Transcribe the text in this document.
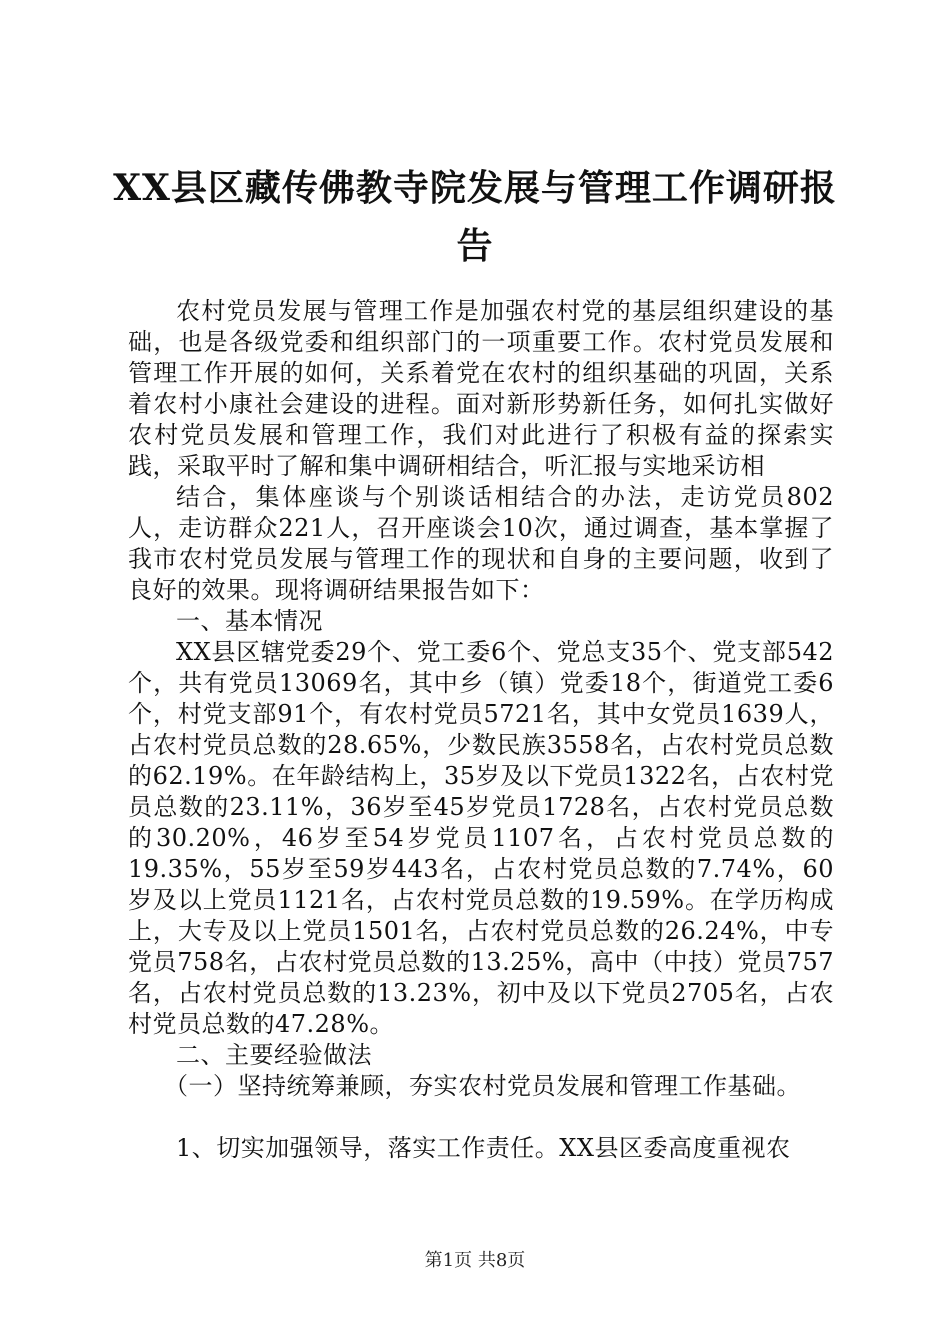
XX县区藏传佛教寺院发展与管理工作调研报
告

农村党员发展与管理工作是加强农村党的基层组织建设的基础，也是各级党委和组织部门的一项重要工作。农村党员发展和管理工作开展的如何，关系着党在农村的组织基础的巩固，关系着农村小康社会建设的进程。面对新形势新任务，如何扎实做好农村党员发展和管理工作，我们对此进行了积极有益的探索实践，采取平时了解和集中调研相结合，听汇报与实地采访相

结合，集体座谈与个别谈话相结合的办法，走访党员802人，走访群众221人，召开座谈会10次，通过调查，基本掌握了我市农村党员发展与管理工作的现状和自身的主要问题，收到了良好的效果。现将调研结果报告如下：

一、基本情况

XX县区辖党委29个、党工委6个、党总支35个、党支部542个，共有党员13069名，其中乡（镇）党委18个，街道党工委6个，村党支部91个，有农村党员5721名，其中女党员1639人，占农村党员总数的28.65%，少数民族3558名，占农村党员总数的62.19%。在年龄结构上，35岁及以下党员1322名，占农村党员总数的23.11%，36岁至45岁党员1728名，占农村党员总数的30.20%，46岁至54岁党员1107名，占农村党员总数的19.35%，55岁至59岁443名，占农村党员总数的7.74%，60岁及以上党员1121名，占农村党员总数的19.59%。在学历构成上，大专及以上党员1501名，占农村党员总数的26.24%，中专党员758名，占农村党员总数的13.25%，高中（中技）党员757名，占农村党员总数的13.23%，初中及以下党员2705名，占农村党员总数的47.28%。

二、主要经验做法

（一）坚持统筹兼顾，夯实农村党员发展和管理工作基础。

1、切实加强领导，落实工作责任。XX县区委高度重视农

第1页 共8页
